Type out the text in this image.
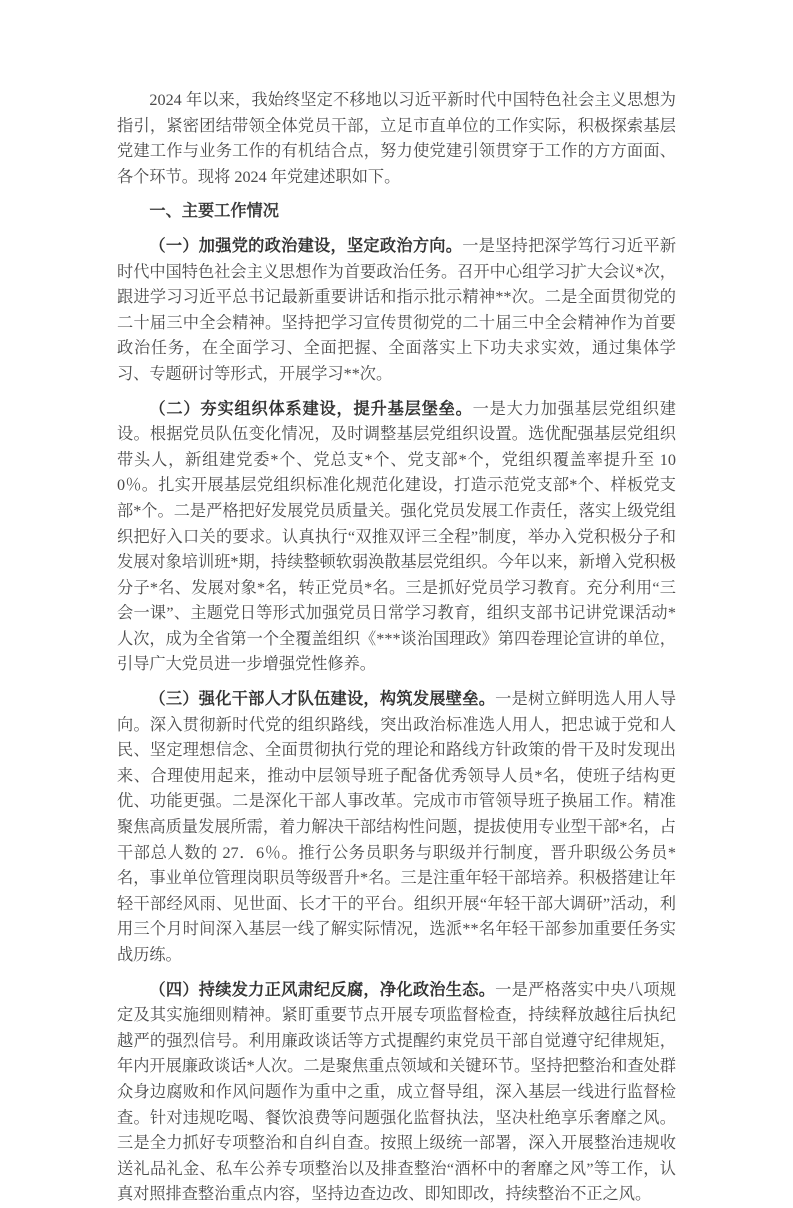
2024 年以来，我始终坚定不移地以习近平新时代中国特色社会主义思想为指引，紧密团结带领全体党员干部，立足市直单位的工作实际，积极探索基层党建工作与业务工作的有机结合点，努力使党建引领贯穿于工作的方方面面、各个环节。现将 2024 年党建述职如下。

一、主要工作情况

（一）加强党的政治建设，坚定政治方向。一是坚持把深学笃行习近平新时代中国特色社会主义思想作为首要政治任务。召开中心组学习扩大会议*次，跟进学习习近平总书记最新重要讲话和指示批示精神**次。二是全面贯彻党的二十届三中全会精神。坚持把学习宣传贯彻党的二十届三中全会精神作为首要政治任务，在全面学习、全面把握、全面落实上下功夫求实效，通过集体学习、专题研讨等形式，开展学习**次。

（二）夯实组织体系建设，提升基层堡垒。一是大力加强基层党组织建设。根据党员队伍变化情况，及时调整基层党组织设置。选优配强基层党组织带头人，新组建党委*个、党总支*个、党支部*个，党组织覆盖率提升至 100％。扎实开展基层党组织标准化规范化建设，打造示范党支部*个、样板党支部*个。二是严格把好发展党员质量关。强化党员发展工作责任，落实上级党组织把好入口关的要求。认真执行“双推双评三全程”制度，举办入党积极分子和发展对象培训班*期，持续整顿软弱涣散基层党组织。今年以来，新增入党积极分子*名、发展对象*名，转正党员*名。三是抓好党员学习教育。充分利用“三会一课”、主题党日等形式加强党员日常学习教育，组织支部书记讲党课活动*人次，成为全省第一个全覆盖组织《***谈治国理政》第四卷理论宣讲的单位，引导广大党员进一步增强党性修养。

（三）强化干部人才队伍建设，构筑发展壁垒。一是树立鲜明选人用人导向。深入贯彻新时代党的组织路线，突出政治标准选人用人，把忠诚于党和人民、坚定理想信念、全面贯彻执行党的理论和路线方针政策的骨干及时发现出来、合理使用起来，推动中层领导班子配备优秀领导人员*名，使班子结构更优、功能更强。二是深化干部人事改革。完成市市管领导班子换届工作。精准聚焦高质量发展所需，着力解决干部结构性问题，提拔使用专业型干部*名，占干部总人数的 27．6％。推行公务员职务与职级并行制度，晋升职级公务员*名，事业单位管理岗职员等级晋升*名。三是注重年轻干部培养。积极搭建让年轻干部经风雨、见世面、长才干的平台。组织开展“年轻干部大调研”活动，利用三个月时间深入基层一线了解实际情况，选派**名年轻干部参加重要任务实战历练。

（四）持续发力正风肃纪反腐，净化政治生态。一是严格落实中央八项规定及其实施细则精神。紧盯重要节点开展专项监督检查，持续释放越往后执纪越严的强烈信号。利用廉政谈话等方式提醒约束党员干部自觉遵守纪律规矩，年内开展廉政谈话*人次。二是聚焦重点领域和关键环节。坚持把整治和查处群众身边腐败和作风问题作为重中之重，成立督导组，深入基层一线进行监督检查。针对违规吃喝、餐饮浪费等问题强化监督执法，坚决杜绝享乐奢靡之风。三是全力抓好专项整治和自纠自查。按照上级统一部署，深入开展整治违规收送礼品礼金、私车公养专项整治以及排查整治“酒杯中的奢靡之风”等工作，认真对照排查整治重点内容，坚持边查边改、即知即改，持续整治不正之风。
